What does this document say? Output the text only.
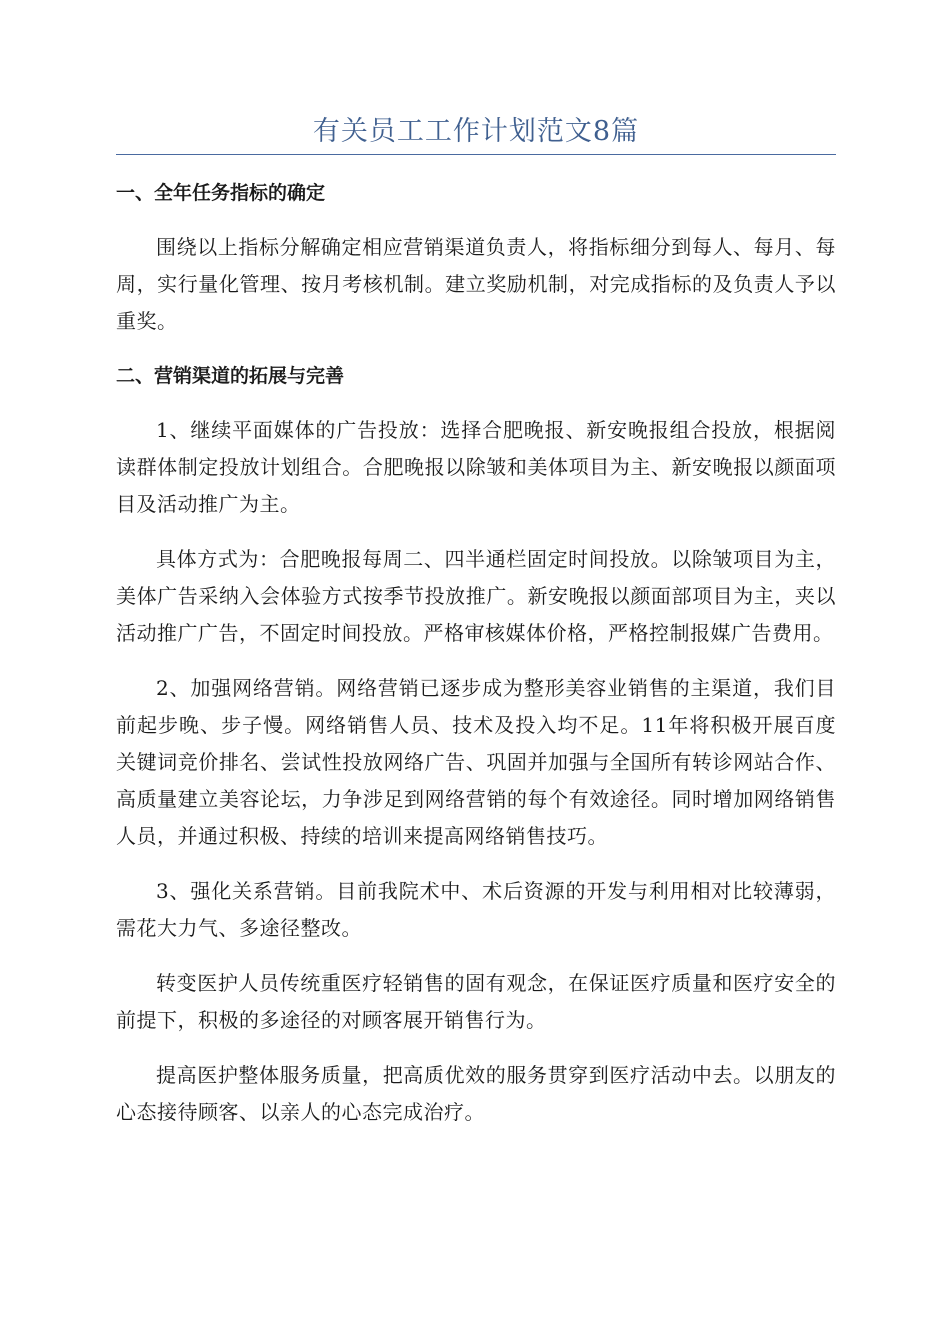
有关员工工作计划范文8篇
一、全年任务指标的确定

围绕以上指标分解确定相应营销渠道负责人，将指标细分到每人、每月、每周，实行量化管理、按月考核机制。建立奖励机制，对完成指标的及负责人予以重奖。

二、营销渠道的拓展与完善

1、继续平面媒体的广告投放：选择合肥晚报、新安晚报组合投放，根据阅读群体制定投放计划组合。合肥晚报以除皱和美体项目为主、新安晚报以颜面项目及活动推广为主。

具体方式为：合肥晚报每周二、四半通栏固定时间投放。以除皱项目为主，美体广告采纳入会体验方式按季节投放推广。新安晚报以颜面部项目为主，夹以活动推广广告，不固定时间投放。严格审核媒体价格，严格控制报媒广告费用。

2、加强网络营销。网络营销已逐步成为整形美容业销售的主渠道，我们目前起步晚、步子慢。网络销售人员、技术及投入均不足。11年将积极开展百度关键词竞价排名、尝试性投放网络广告、巩固并加强与全国所有转诊网站合作、高质量建立美容论坛，力争涉足到网络营销的每个有效途径。同时增加网络销售人员，并通过积极、持续的培训来提高网络销售技巧。

3、强化关系营销。目前我院术中、术后资源的开发与利用相对比较薄弱，需花大力气、多途径整改。

转变医护人员传统重医疗轻销售的固有观念，在保证医疗质量和医疗安全的前提下，积极的多途径的对顾客展开销售行为。

提高医护整体服务质量，把高质优效的服务贯穿到医疗活动中去。以朋友的心态接待顾客、以亲人的心态完成治疗。
